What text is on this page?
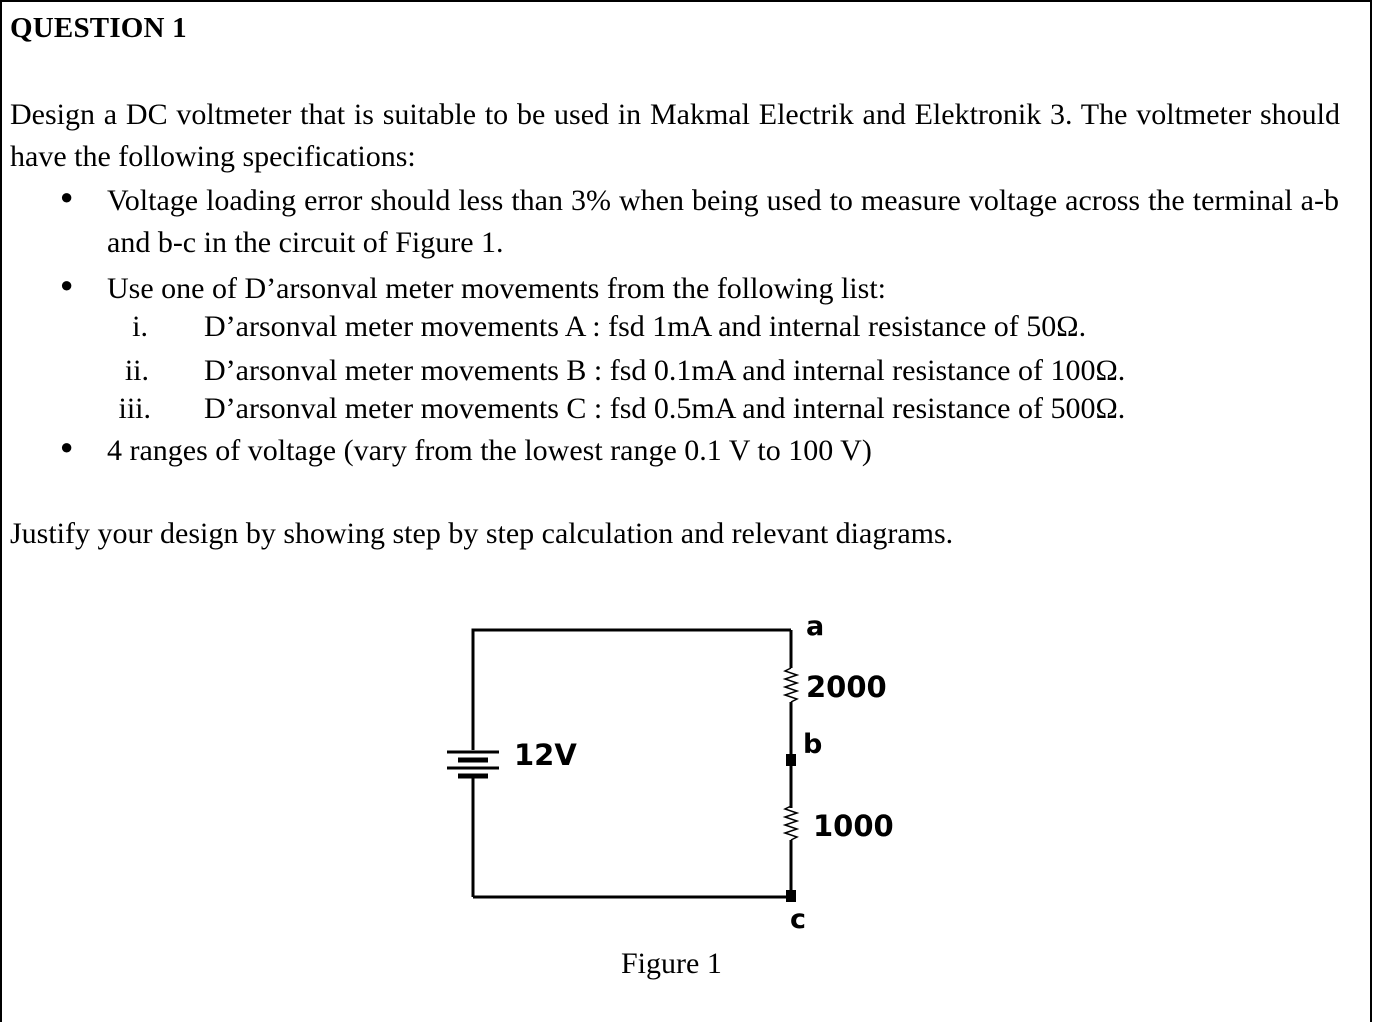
QUESTION 1
Design a DC voltmeter that is suitable to be used in Makmal Electrik and Elektronik 3. The voltmeter should have the following specifications:
● Voltage loading error should less than 3% when being used to measure voltage across the terminal a-b and b-c in the circuit of Figure 1.
● Use one of D’arsonval meter movements from the following list:
● 4 ranges of voltage (vary from the lowest range 0.1 V to 100 V)
i. D’arsonval meter movements A : fsd 1mA and internal resistance of 50Ω.
ii. D’arsonval meter movements B : fsd 0.1mA and internal resistance of 100Ω.
iii. D’arsonval meter movements C : fsd 0.5mA and internal resistance of 500Ω.
Justify your design by showing step by step calculation and relevant diagrams.
12V
2000
1000
a
b
c
Figure 1
